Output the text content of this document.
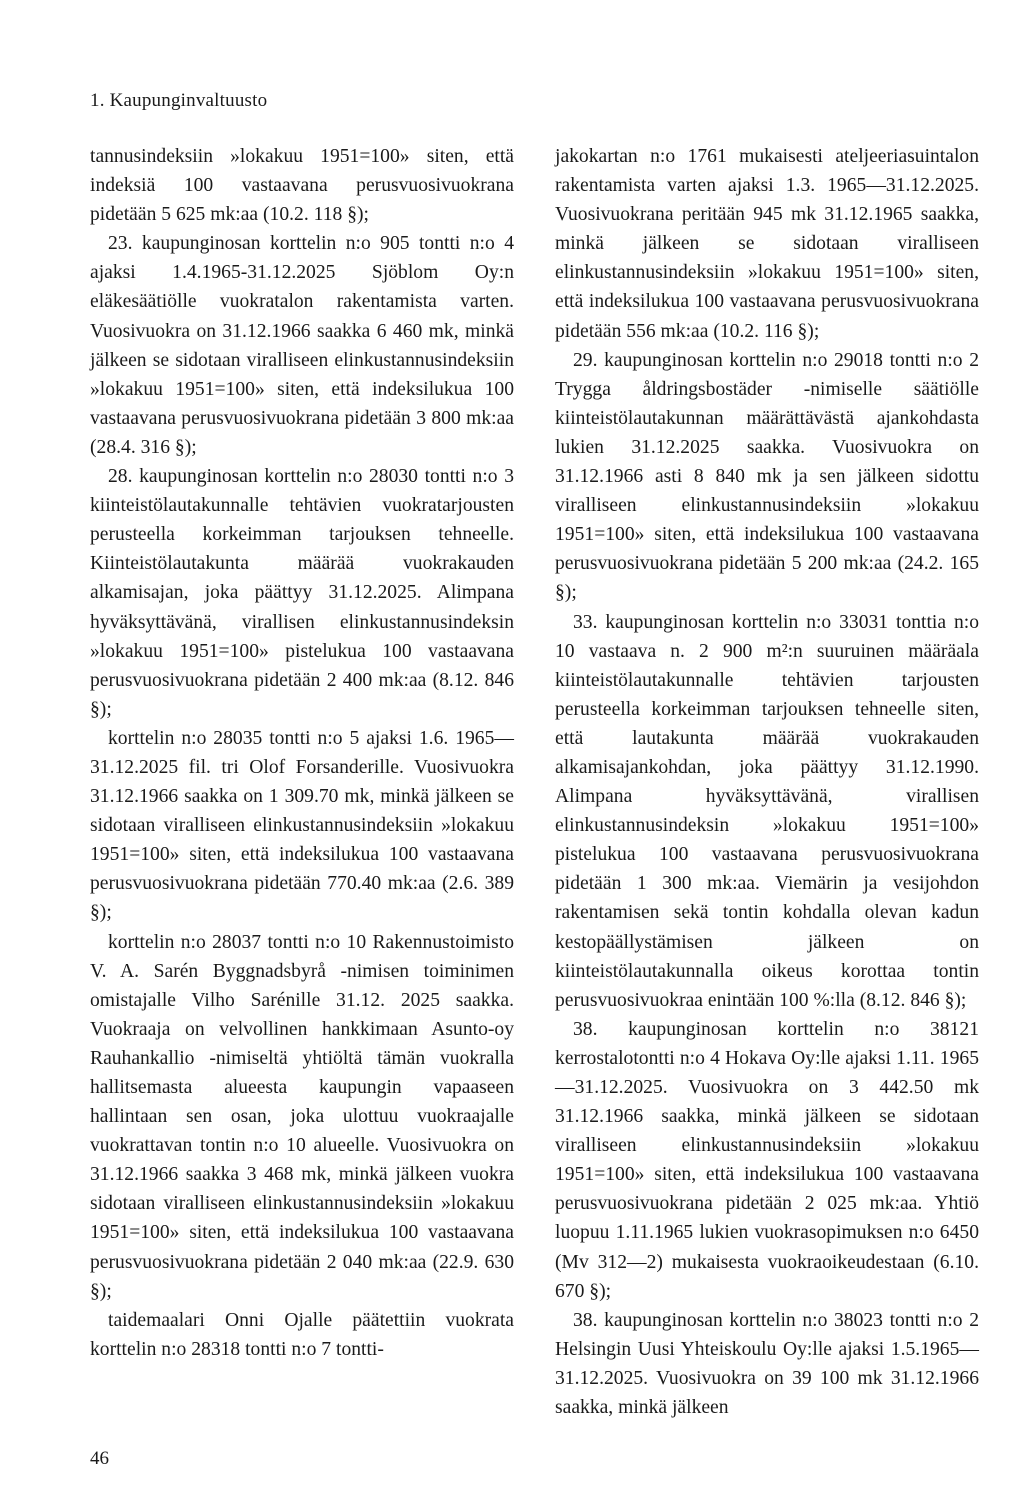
1. Kaupunginvaltuusto

tannusindeksiin »lokakuu 1951=100» siten, että indeksiä 100 vastaavana perusvuosivuokrana pidetään 5 625 mk:aa (10.2. 118 §);

23. kaupunginosan korttelin n:o 905 tontti n:o 4 ajaksi 1.4.1965-31.12.2025 Sjöblom Oy:n eläkesäätiölle vuokratalon rakentamista varten. Vuosivuokra on 31.12.1966 saakka 6 460 mk, minkä jälkeen se sidotaan viralliseen elinkustannusindeksiin »lokakuu 1951=100» siten, että indeksilukua 100 vastaavana perusvuosivuokrana pidetään 3 800 mk:aa (28.4. 316 §);

28. kaupunginosan korttelin n:o 28030 tontti n:o 3 kiinteistölautakunnalle tehtävien vuokratarjousten perusteella korkeimman tarjouksen tehneelle. Kiinteistölautakunta määrää vuokrakauden alkamisajan, joka päättyy 31.12.2025. Alimpana hyväksyttävänä, virallisen elinkustannusindeksin »lokakuu 1951=100» pistelukua 100 vastaavana perusvuosivuokrana pidetään 2 400 mk:aa (8.12. 846 §);

korttelin n:o 28035 tontti n:o 5 ajaksi 1.6. 1965—31.12.2025 fil. tri Olof Forsanderille. Vuosivuokra 31.12.1966 saakka on 1 309.70 mk, minkä jälkeen se sidotaan viralliseen elinkustannusindeksiin »lokakuu 1951=100» siten, että indeksilukua 100 vastaavana perusvuosivuokrana pidetään 770.40 mk:aa (2.6. 389 §);

korttelin n:o 28037 tontti n:o 10 Rakennustoimisto V. A. Sarén Byggnadsbyrå -nimisen toiminimen omistajalle Vilho Sarénille 31.12. 2025 saakka. Vuokraaja on velvollinen hankkimaan Asunto-oy Rauhankallio -nimiseltä yhtiöltä tämän vuokralla hallitsemasta alueesta kaupungin vapaaseen hallintaan sen osan, joka ulottuu vuokraajalle vuokrattavan tontin n:o 10 alueelle. Vuosivuokra on 31.12.1966 saakka 3 468 mk, minkä jälkeen vuokra sidotaan viralliseen elinkustannusindeksiin »lokakuu 1951=100» siten, että indeksilukua 100 vastaavana perusvuosivuokrana pidetään 2 040 mk:aa (22.9. 630 §);

taidemaalari Onni Ojalle päätettiin vuokrata korttelin n:o 28318 tontti n:o 7 tontti-

jakokartan n:o 1761 mukaisesti ateljeeriasuintalon rakentamista varten ajaksi 1.3. 1965—31.12.2025. Vuosivuokrana peritään 945 mk 31.12.1965 saakka, minkä jälkeen se sidotaan viralliseen elinkustannusindeksiin »lokakuu 1951=100» siten, että indeksilukua 100 vastaavana perusvuosivuokrana pidetään 556 mk:aa (10.2. 116 §);

29. kaupunginosan korttelin n:o 29018 tontti n:o 2 Trygga åldringsbostäder -nimiselle säätiölle kiinteistölautakunnan määrättävästä ajankohdasta lukien 31.12.2025 saakka. Vuosivuokra on 31.12.1966 asti 8 840 mk ja sen jälkeen sidottu viralliseen elinkustannusindeksiin »lokakuu 1951=100» siten, että indeksilukua 100 vastaavana perusvuosivuokrana pidetään 5 200 mk:aa (24.2. 165 §);

33. kaupunginosan korttelin n:o 33031 tonttia n:o 10 vastaava n. 2 900 m²:n suuruinen määräala kiinteistölautakunnalle tehtävien tarjousten perusteella korkeimman tarjouksen tehneelle siten, että lautakunta määrää vuokrakauden alkamisajankohdan, joka päättyy 31.12.1990. Alimpana hyväksyttävänä, virallisen elinkustannusindeksin »lokakuu 1951=100» pistelukua 100 vastaavana perusvuosivuokrana pidetään 1 300 mk:aa. Viemärin ja vesijohdon rakentamisen sekä tontin kohdalla olevan kadun kestopäällystämisen jälkeen on kiinteistölautakunnalla oikeus korottaa tontin perusvuosivuokraa enintään 100 %:lla (8.12. 846 §);

38. kaupunginosan korttelin n:o 38121 kerrostalotontti n:o 4 Hokava Oy:lle ajaksi 1.11. 1965—31.12.2025. Vuosivuokra on 3 442.50 mk 31.12.1966 saakka, minkä jälkeen se sidotaan viralliseen elinkustannusindeksiin »lokakuu 1951=100» siten, että indeksilukua 100 vastaavana perusvuosivuokrana pidetään 2 025 mk:aa. Yhtiö luopuu 1.11.1965 lukien vuokrasopimuksen n:o 6450 (Mv 312—2) mukaisesta vuokraoikeudestaan (6.10. 670 §);

38. kaupunginosan korttelin n:o 38023 tontti n:o 2 Helsingin Uusi Yhteiskoulu Oy:lle ajaksi 1.5.1965—31.12.2025. Vuosivuokra on 39 100 mk 31.12.1966 saakka, minkä jälkeen

46
